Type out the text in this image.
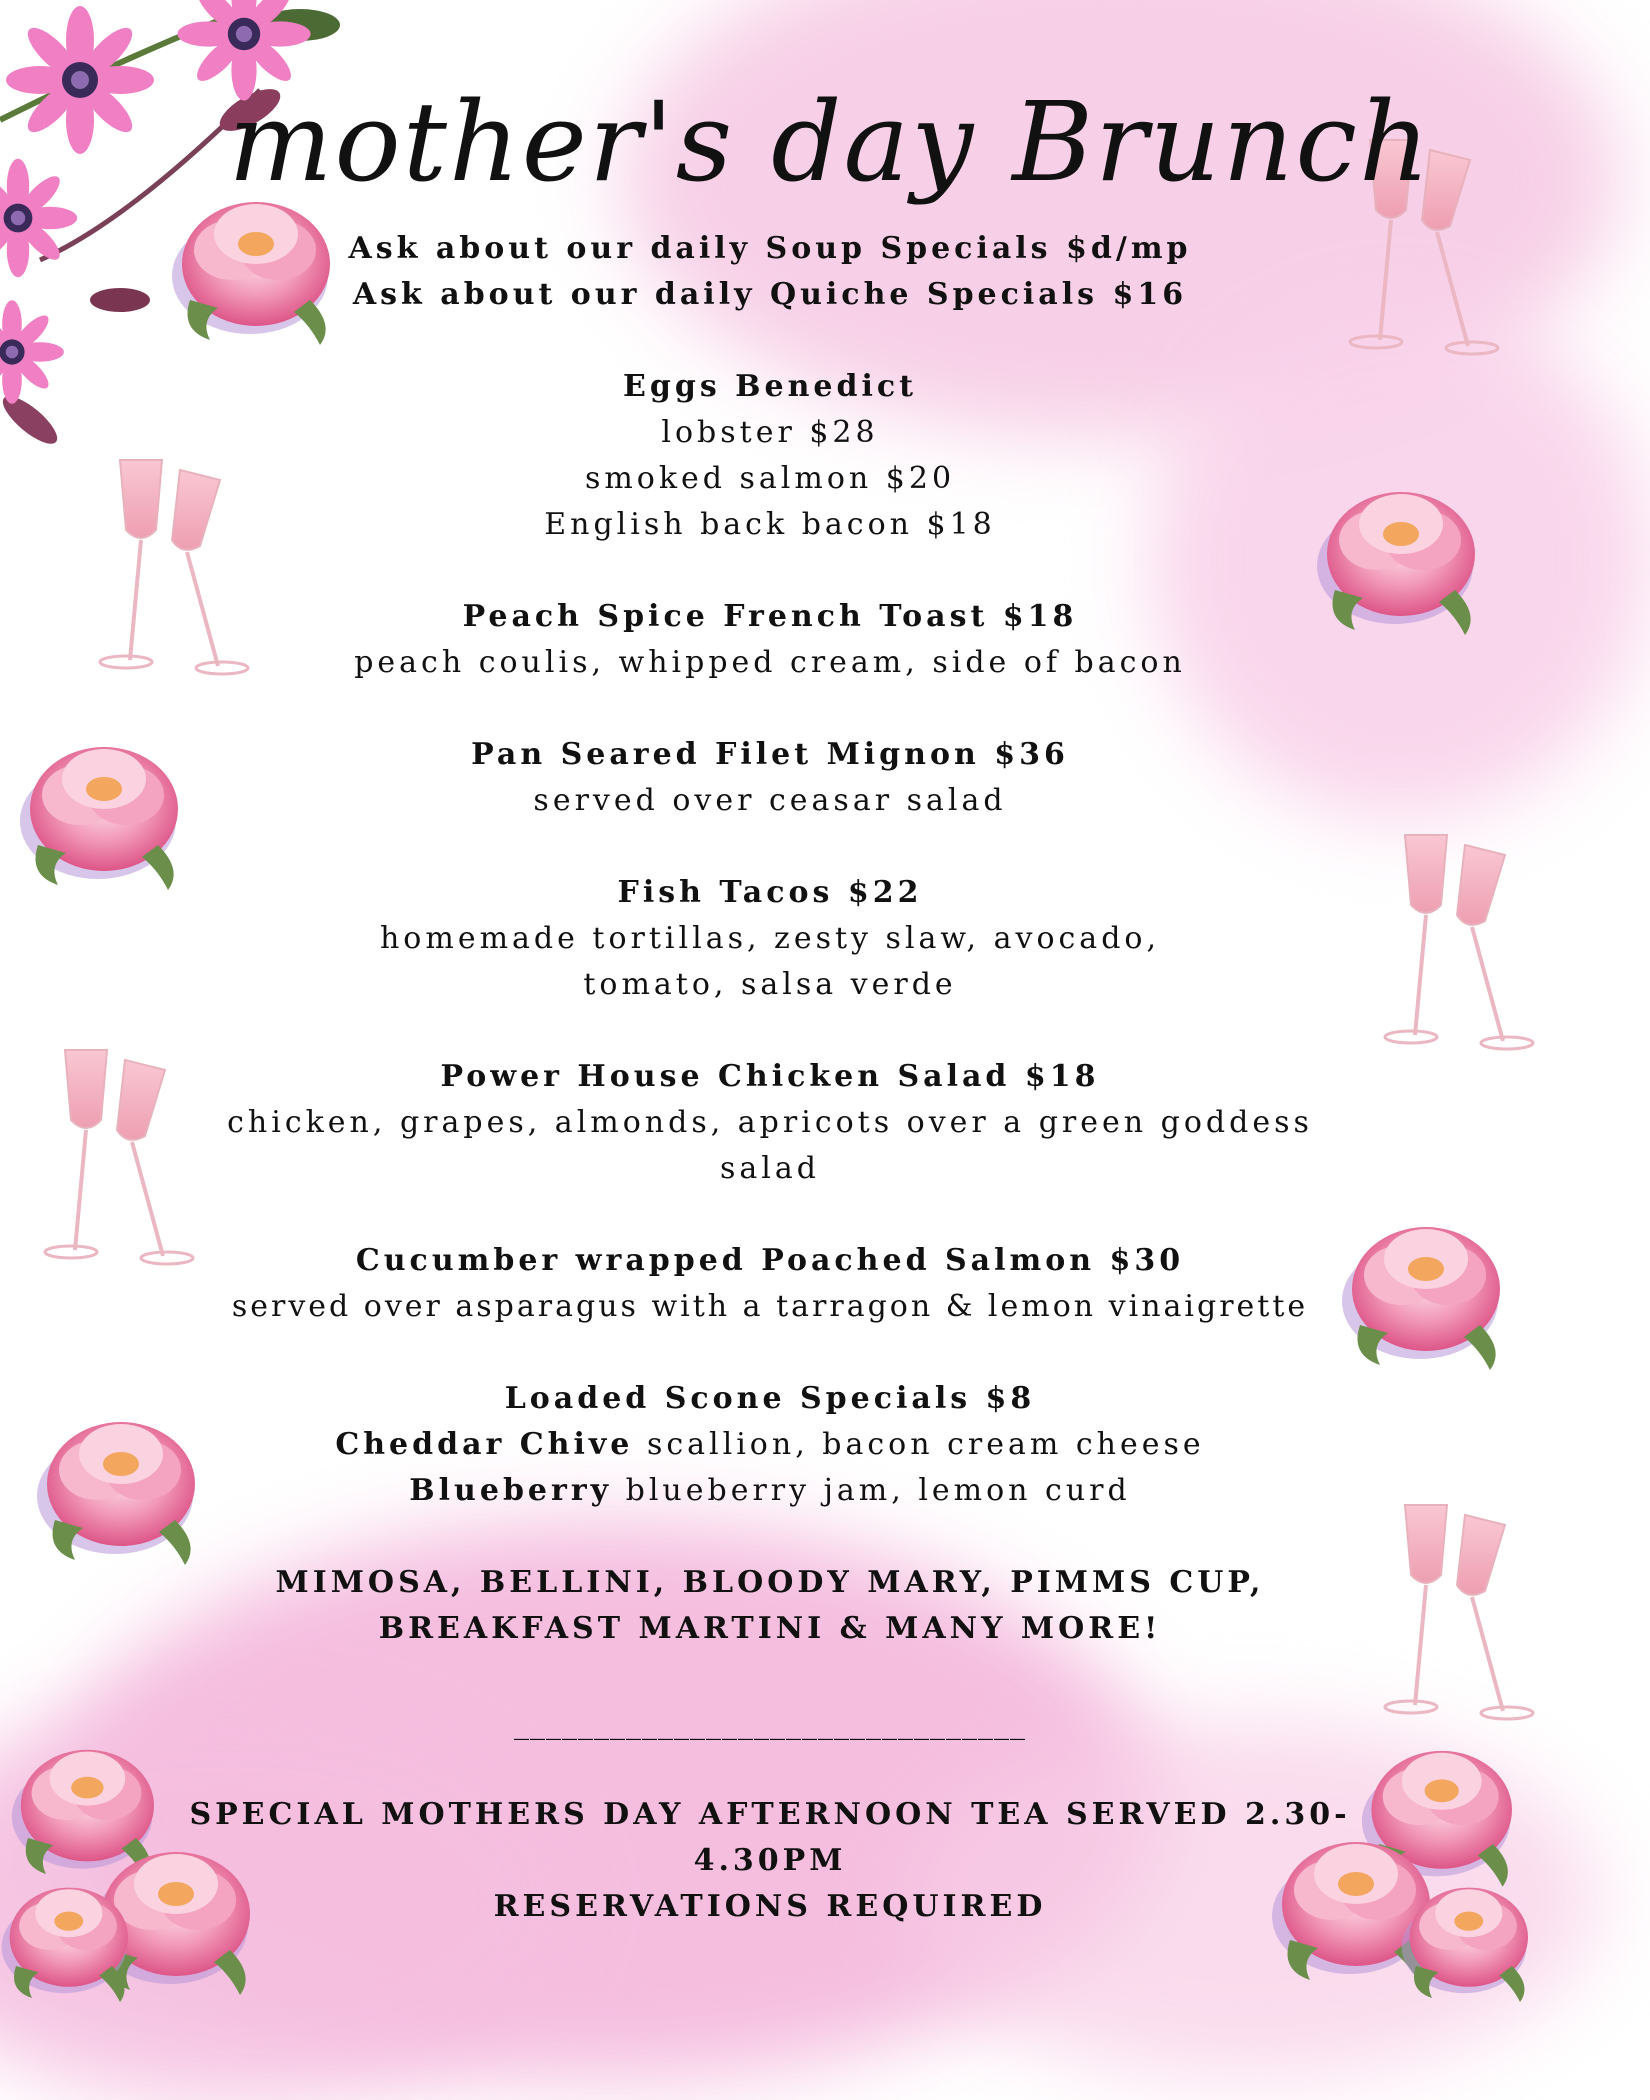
mother's day Brunch
Ask about our daily Soup Specials $d/mp
Ask about our daily Quiche Specials $16
Eggs Benedict
lobster $28
smoked salmon $20
English back bacon $18
Peach Spice French Toast $18
peach coulis, whipped cream, side of bacon
Pan Seared Filet Mignon $36
served over ceasar salad
Fish Tacos $22
homemade tortillas, zesty slaw, avocado,
tomato, salsa verde
Power House Chicken Salad $18
chicken, grapes, almonds, apricots over a green goddess
salad
Cucumber wrapped Poached Salmon $30
served over asparagus with a tarragon & lemon vinaigrette
Loaded Scone Specials $8
Cheddar Chive scallion, bacon cream cheese
Blueberry blueberry jam, lemon curd
MIMOSA, BELLINI, BLOODY MARY, PIMMS CUP,
BREAKFAST MARTINI & MANY MORE!
________________________________
SPECIAL MOTHERS DAY AFTERNOON TEA SERVED 2.30-
4.30PM
RESERVATIONS REQUIRED
